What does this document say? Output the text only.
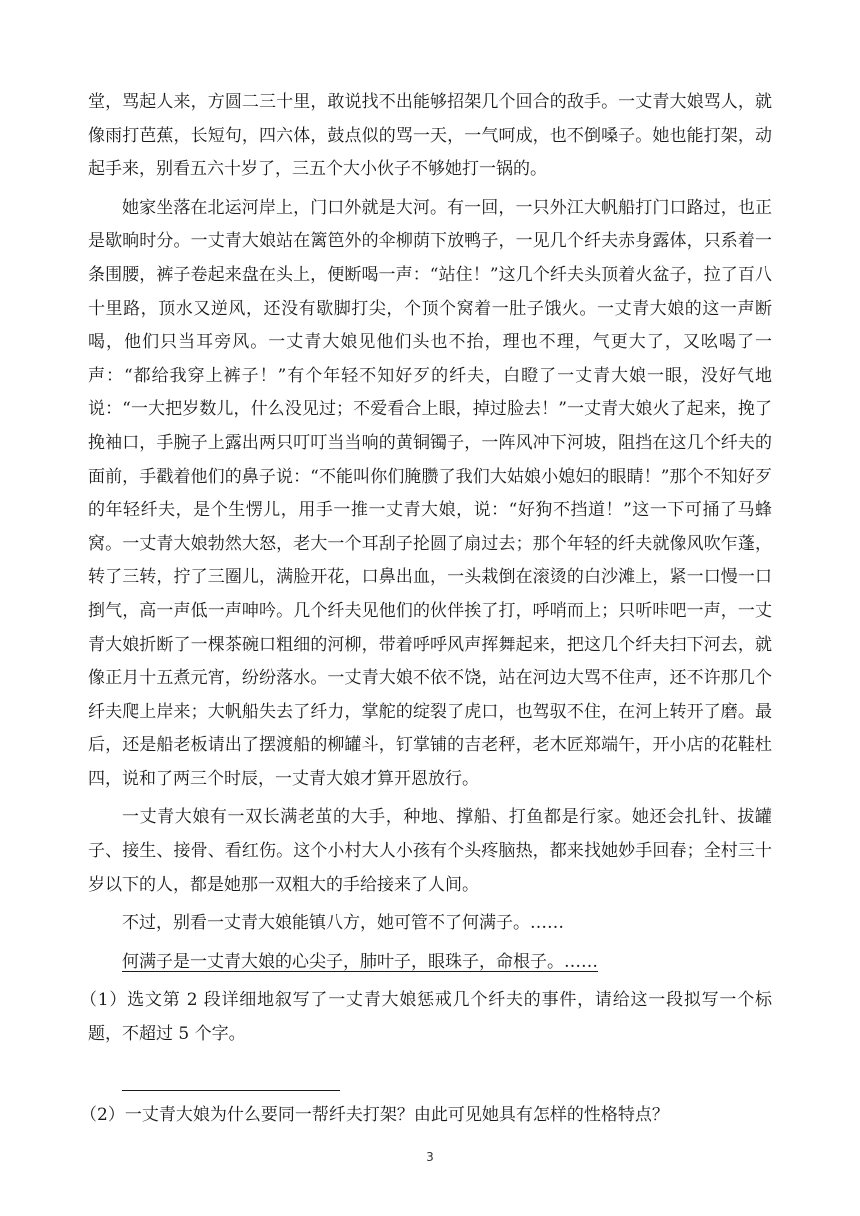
堂，骂起人来，方圆二三十里，敢说找不出能够招架几个回合的敌手。一丈青大娘骂人，就像雨打芭蕉，长短句，四六体，鼓点似的骂一天，一气呵成，也不倒嗓子。她也能打架，动起手来，别看五六十岁了，三五个大小伙子不够她打一锅的。

她家坐落在北运河岸上，门口外就是大河。有一回，一只外江大帆船打门口路过，也正是歇晌时分。一丈青大娘站在篱笆外的伞柳荫下放鸭子，一见几个纤夫赤身露体，只系着一条围腰，裤子卷起来盘在头上，便断喝一声：“站住！”这几个纤夫头顶着火盆子，拉了百八十里路，顶水又逆风，还没有歇脚打尖，个顶个窝着一肚子饿火。一丈青大娘的这一声断喝，他们只当耳旁风。一丈青大娘见他们头也不抬，理也不理，气更大了，又吆喝了一声：“都给我穿上裤子！”有个年轻不知好歹的纤夫，白瞪了一丈青大娘一眼，没好气地说：“一大把岁数儿，什么没见过；不爱看合上眼，掉过脸去！”一丈青大娘火了起来，挽了挽袖口，手腕子上露出两只叮叮当当响的黄铜镯子，一阵风冲下河坡，阻挡在这几个纤夫的面前，手戳着他们的鼻子说：“不能叫你们腌臜了我们大姑娘小媳妇的眼睛！”那个不知好歹的年轻纤夫，是个生愣儿，用手一推一丈青大娘，说：“好狗不挡道！”这一下可捅了马蜂窝。一丈青大娘勃然大怒，老大一个耳刮子抡圆了扇过去；那个年轻的纤夫就像风吹乍蓬，转了三转，拧了三圈儿，满脸开花，口鼻出血，一头栽倒在滚烫的白沙滩上，紧一口慢一口捯气，高一声低一声呻吟。几个纤夫见他们的伙伴挨了打，呼哨而上；只听咔吧一声，一丈青大娘折断了一棵茶碗口粗细的河柳，带着呼呼风声挥舞起来，把这几个纤夫扫下河去，就像正月十五煮元宵，纷纷落水。一丈青大娘不依不饶，站在河边大骂不住声，还不许那几个纤夫爬上岸来；大帆船失去了纤力，掌舵的绽裂了虎口，也驾驭不住，在河上转开了磨。最后，还是船老板请出了摆渡船的柳罐斗，钉掌铺的吉老秤，老木匠郑端午，开小店的花鞋杜四，说和了两三个时辰，一丈青大娘才算开恩放行。

一丈青大娘有一双长满老茧的大手，种地、撑船、打鱼都是行家。她还会扎针、拔罐子、接生、接骨、看红伤。这个小村大人小孩有个头疼脑热，都来找她妙手回春；全村三十岁以下的人，都是她那一双粗大的手给接来了人间。

不过，别看一丈青大娘能镇八方，她可管不了何满子。……

何满子是一丈青大娘的心尖子，肺叶子，眼珠子，命根子。……

（1）选文第 2 段详细地叙写了一丈青大娘惩戒几个纤夫的事件，请给这一段拟写一个标题，不超过 5 个字。

（2）一丈青大娘为什么要同一帮纤夫打架？由此可见她具有怎样的性格特点？

3
